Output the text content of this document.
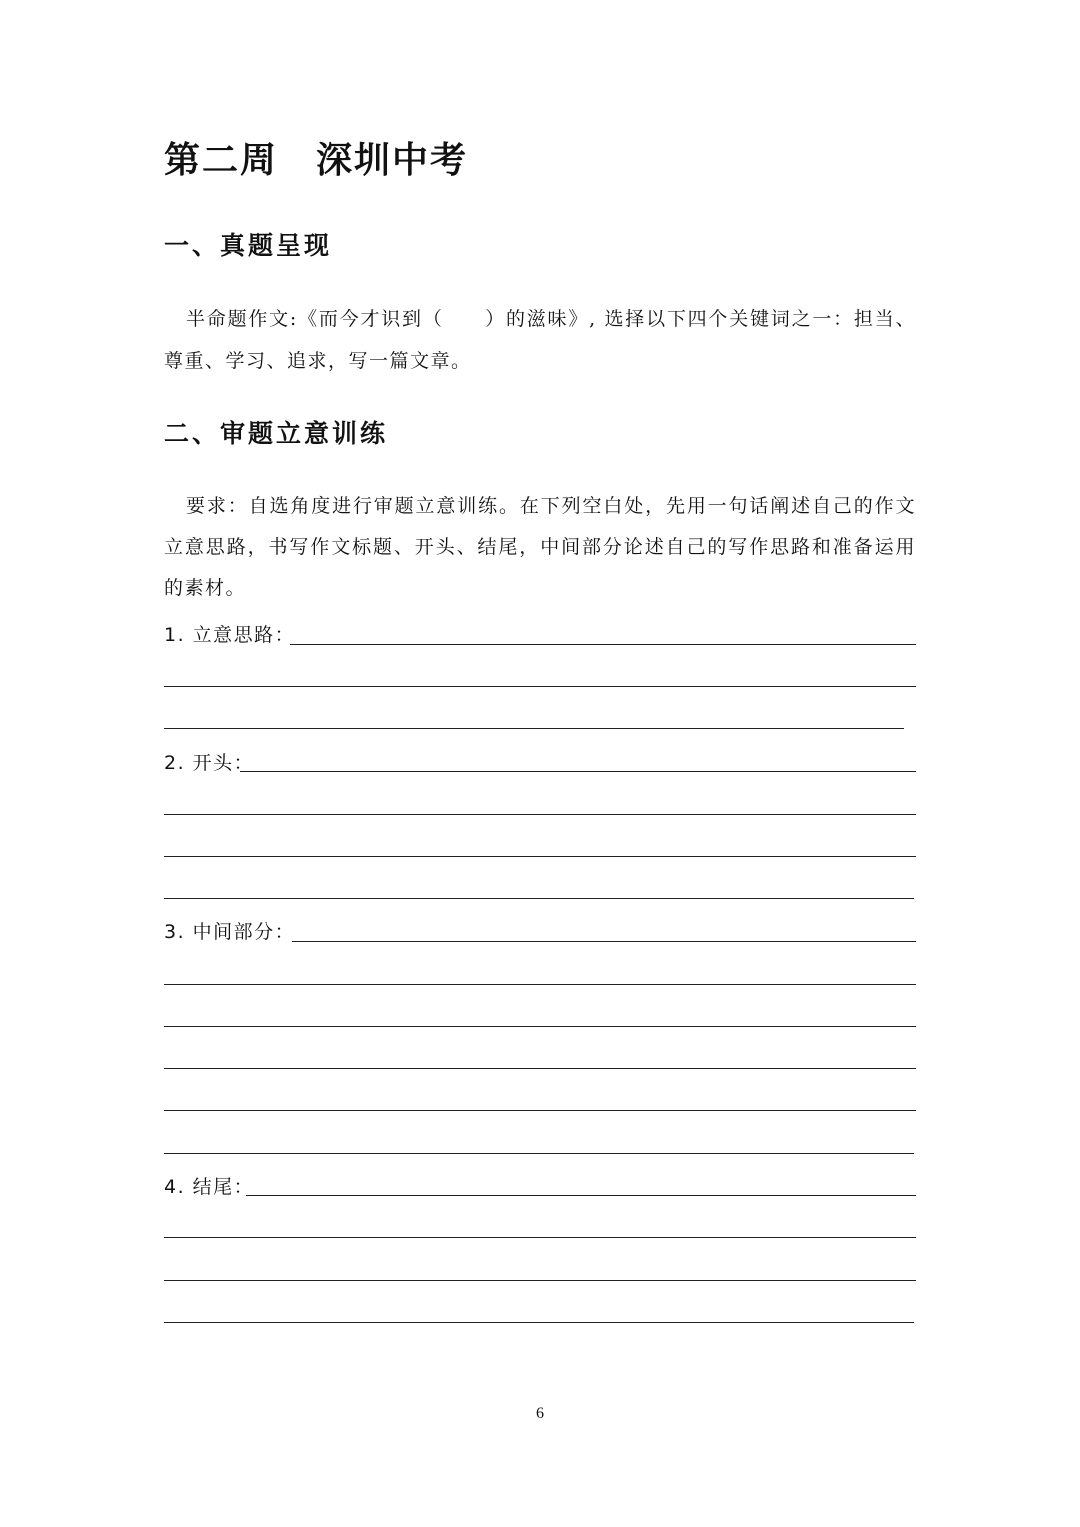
第二周　深圳中考
一、真题呈现
半命题作文:《而今才识到（　　）的滋味》, 选择以下四个关键词之一：担当、尊重、学习、追求，写一篇文章。
二、审题立意训练
要求：自选角度进行审题立意训练。在下列空白处，先用一句话阐述自己的作文立意思路，书写作文标题、开头、结尾，中间部分论述自己的写作思路和准备运用的素材。
1. 立意思路：
2. 开头：
3. 中间部分：
4. 结尾：
6
